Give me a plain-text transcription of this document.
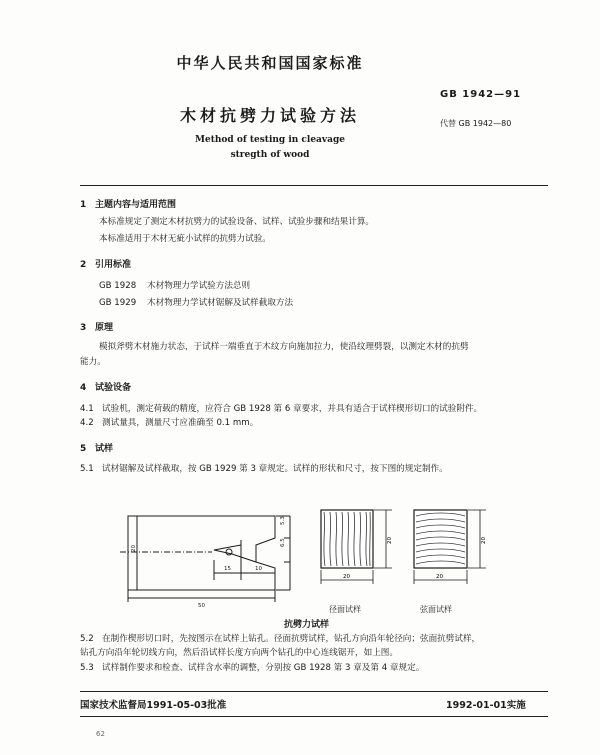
中华人民共和国国家标准
GB 1942—91
木材抗劈力试验方法	代替 GB 1942—80
Method of testing in cleavage
stregth of wood
1 主题内容与适用范围
本标准规定了测定木材抗劈力的试验设备、试样、试验步骤和结果计算。
本标准适用于木材无疵小试样的抗劈力试验。
2 引用标准
GB 1928 木材物理力学试验方法总则
GB 1929 木材物理力学试材锯解及试样截取方法
3 原理
模拟斧劈木材施力状态，于试样一端垂直于木纹方向施加拉力，使沿纹理劈裂，以测定木材的抗劈
能力。
4 试验设备
4.1 试验机，测定荷载的精度，应符合 GB 1928 第 6 章要求，并具有适合于试样楔形切口的试验附件。
4.2 测试量具，测量尺寸应准确至 0.1 mm。
5 试样
5.1 试材锯解及试样截取，按 GB 1929 第 3 章规定。试样的形状和尺寸，按下图的规定制作。
5.3
6.5
20
15	10
50
20
20
20
20
径面试样	弦面试样
抗劈力试样
5.2 在制作楔形切口时，先按图示在试样上钻孔。径面抗劈试样，钻孔方向沿年轮径向；弦面抗劈试样，
钻孔方向沿年轮切线方向，然后沿试样长度方向两个钻孔的中心连线锯开，如上图。
5.3 试样制作要求和检查、试样含水率的调整，分别按 GB 1928 第 3 章及第 4 章规定。
国家技术监督局1991-05-03批准	1992-01-01实施
62
